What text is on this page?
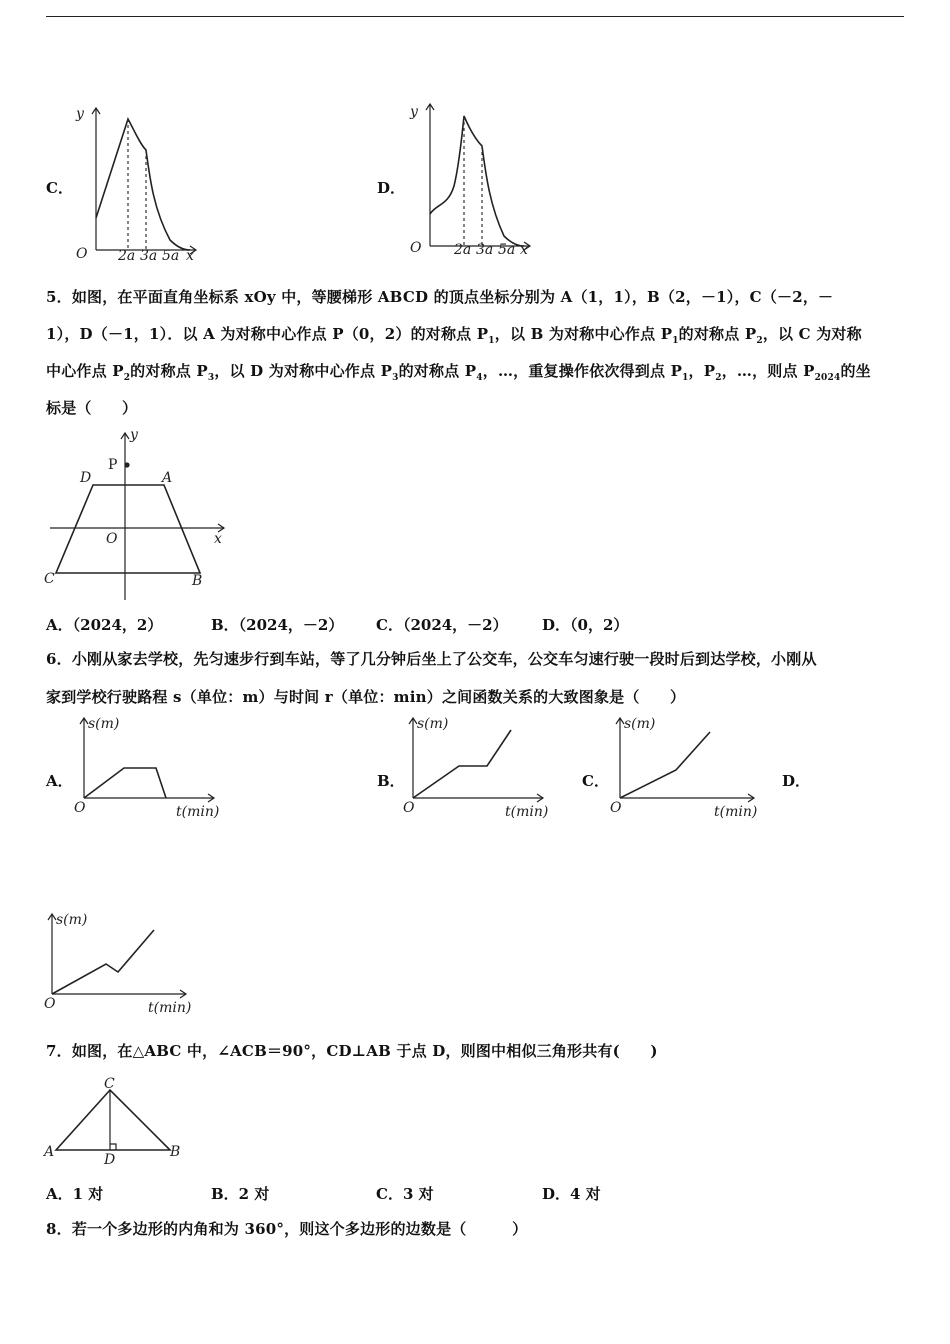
C．
y
O	x
2a 3a 5a
D．
y
O	x
2a 3a 5a
5．如图，在平面直角坐标系 xOy 中，等腰梯形 ABCD 的顶点坐标分别为 A（1，1），B（2，－1），C（－2，－
1），D（－1，1）．以 A 为对称中心作点 P（0，2）的对称点 $P_1$，以 B 为对称中心作点 $P_1$的对称点 $P_2$，以 C 为对称
中心作点 $P_2$的对称点 $P_3$，以 D 为对称中心作点 $P_3$的对称点 $P_4$，…，重复操作依次得到点 $P_1$，$P_2$，…，则点 $P_{2024}$的坐
标是（　　）
y
P
D	A
O	x
C	B
A．（2024，2）	B．（2024，－2） C．（2024，－2） D．（0，2）
6．小刚从家去学校，先匀速步行到车站，等了几分钟后坐上了公交车，公交车匀速行驶一段时后到达学校，小刚从
家到学校行驶路程 s（单位：m）与时间 r（单位：min）之间函数关系的大致图象是（　　）
A．
s(m)
O	t(min)
B．
s(m)
O	t(min)
C．
s(m)
O	t(min)
D．
s(m)
O	t(min)
7．如图，在△ABC 中，∠ACB＝90°，CD⊥AB 于点 D，则图中相似三角形共有(　　)
C
A	D	B
A．1 对	B．2 对	C．3 对	D．4 对
8．若一个多边形的内角和为 360°，则这个多边形的边数是（　　　）
